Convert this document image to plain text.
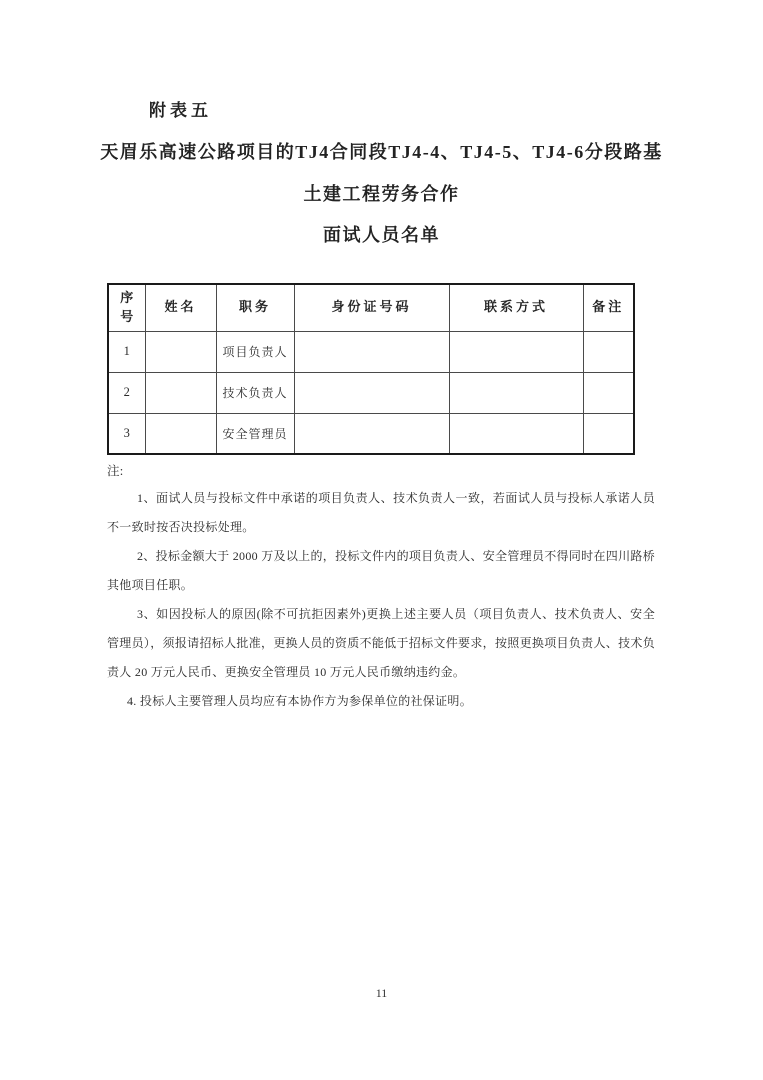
附表五
天眉乐高速公路项目的TJ4合同段TJ4-4、TJ4-5、TJ4-6分段路基
土建工程劳务合作
面试人员名单
序号	姓名	职务	身份证号码	联系方式	备注
1		项目负责人			
2		技术负责人			
3		安全管理员			
注:

1、面试人员与投标文件中承诺的项目负责人、技术负责人一致，若面试人员与投标人承诺人员不一致时按否决投标处理。

2、投标金额大于 2000 万及以上的，投标文件内的项目负责人、安全管理员不得同时在四川路桥其他项目任职。

3、如因投标人的原因(除不可抗拒因素外)更换上述主要人员（项目负责人、技术负责人、安全管理员），须报请招标人批准，更换人员的资质不能低于招标文件要求，按照更换项目负责人、技术负责人 20 万元人民币、更换安全管理员 10 万元人民币缴纳违约金。

4. 投标人主要管理人员均应有本协作方为参保单位的社保证明。

11
